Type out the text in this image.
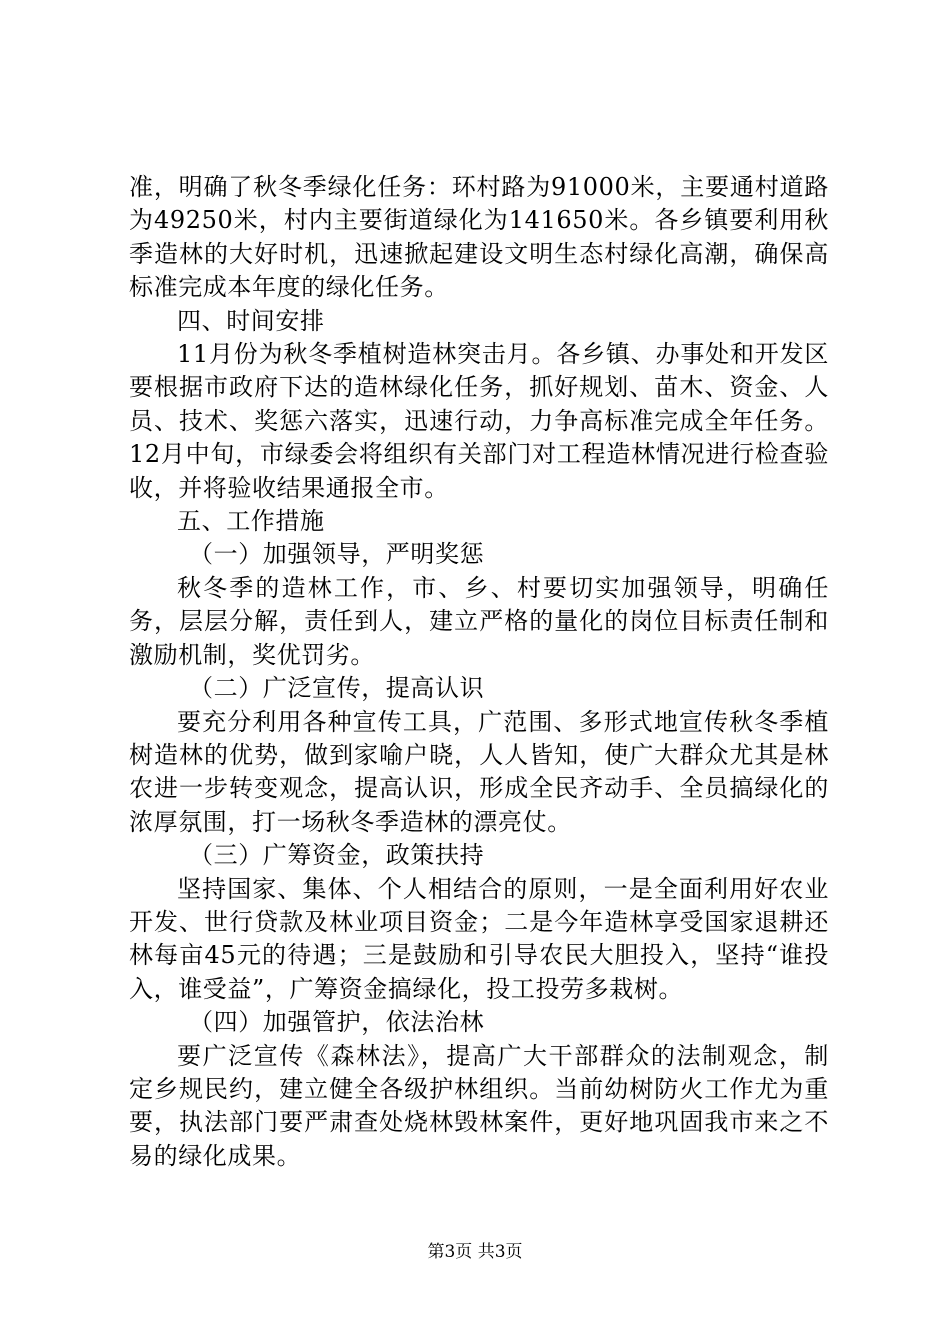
准，明确了秋冬季绿化任务：环村路为91000米，主要通村道路为49250米，村内主要街道绿化为141650米。各乡镇要利用秋季造林的大好时机，迅速掀起建设文明生态村绿化高潮，确保高标准完成本年度的绿化任务。

四、时间安排

11月份为秋冬季植树造林突击月。各乡镇、办事处和开发区要根据市政府下达的造林绿化任务，抓好规划、苗木、资金、人员、技术、奖惩六落实，迅速行动，力争高标准完成全年任务。12月中旬，市绿委会将组织有关部门对工程造林情况进行检查验收，并将验收结果通报全市。

五、工作措施

（一）加强领导，严明奖惩

秋冬季的造林工作，市、乡、村要切实加强领导，明确任务，层层分解，责任到人，建立严格的量化的岗位目标责任制和激励机制，奖优罚劣。

（二）广泛宣传，提高认识

要充分利用各种宣传工具，广范围、多形式地宣传秋冬季植树造林的优势，做到家喻户晓，人人皆知，使广大群众尤其是林农进一步转变观念，提高认识，形成全民齐动手、全员搞绿化的浓厚氛围，打一场秋冬季造林的漂亮仗。

（三）广筹资金，政策扶持

坚持国家、集体、个人相结合的原则，一是全面利用好农业开发、世行贷款及林业项目资金；二是今年造林享受国家退耕还林每亩45元的待遇；三是鼓励和引导农民大胆投入，坚持“谁投入，谁受益”，广筹资金搞绿化，投工投劳多栽树。

（四）加强管护，依法治林

要广泛宣传《森林法》，提高广大干部群众的法制观念，制定乡规民约，建立健全各级护林组织。当前幼树防火工作尤为重要，执法部门要严肃查处烧林毁林案件，更好地巩固我市来之不易的绿化成果。

第3页 共3页
